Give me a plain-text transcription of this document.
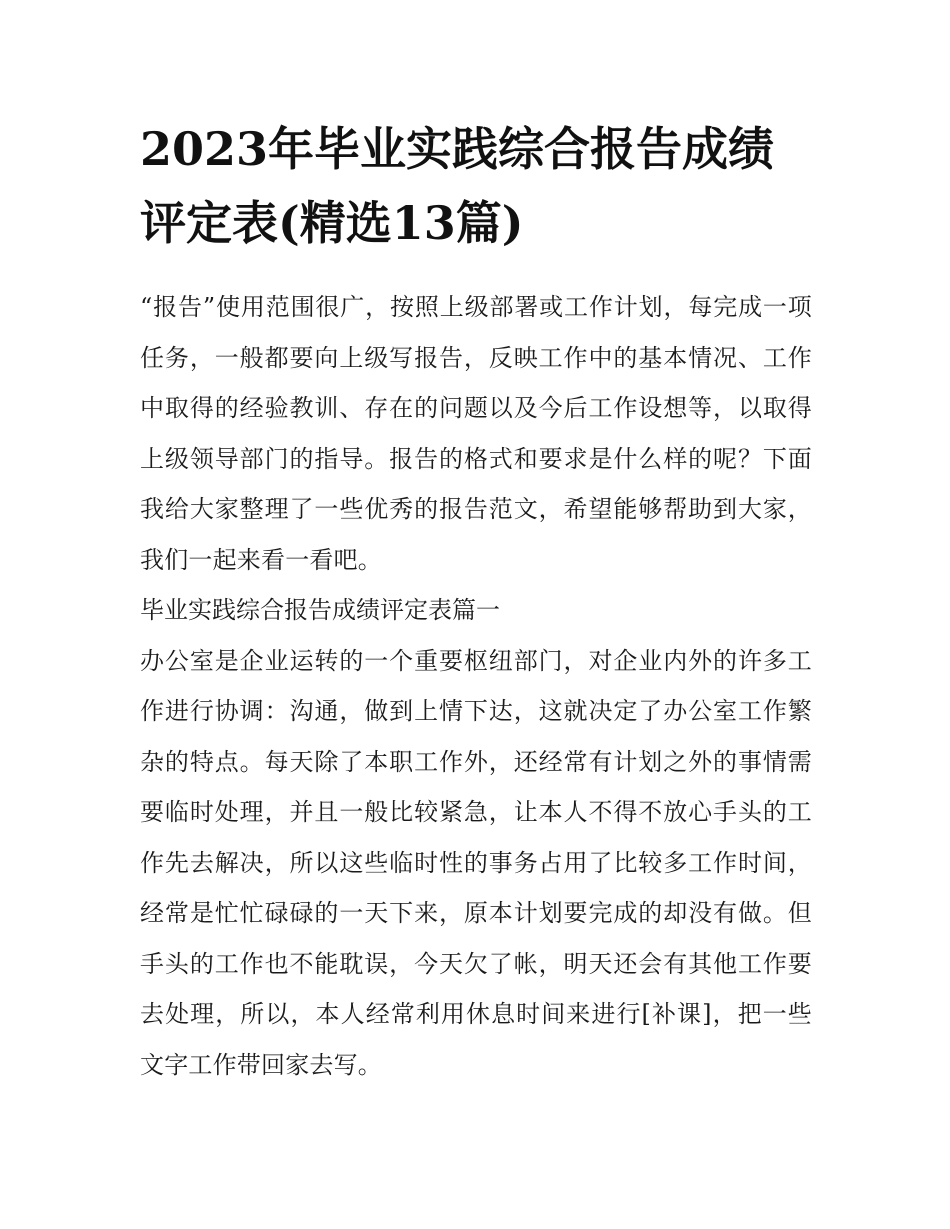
2023年毕业实践综合报告成绩评定表(精选13篇)

“报告”使用范围很广，按照上级部署或工作计划，每完成一项任务，一般都要向上级写报告，反映工作中的基本情况、工作中取得的经验教训、存在的问题以及今后工作设想等，以取得上级领导部门的指导。报告的格式和要求是什么样的呢？下面我给大家整理了一些优秀的报告范文，希望能够帮助到大家，我们一起来看一看吧。

毕业实践综合报告成绩评定表篇一

办公室是企业运转的一个重要枢纽部门，对企业内外的许多工作进行协调：沟通，做到上情下达，这就决定了办公室工作繁杂的特点。每天除了本职工作外，还经常有计划之外的事情需要临时处理，并且一般比较紧急，让本人不得不放心手头的工作先去解决，所以这些临时性的事务占用了比较多工作时间，经常是忙忙碌碌的一天下来，原本计划要完成的却没有做。但手头的工作也不能耽误，今天欠了帐，明天还会有其他工作要去处理，所以，本人经常利用休息时间来进行[补课]，把一些文字工作带回家去写。
